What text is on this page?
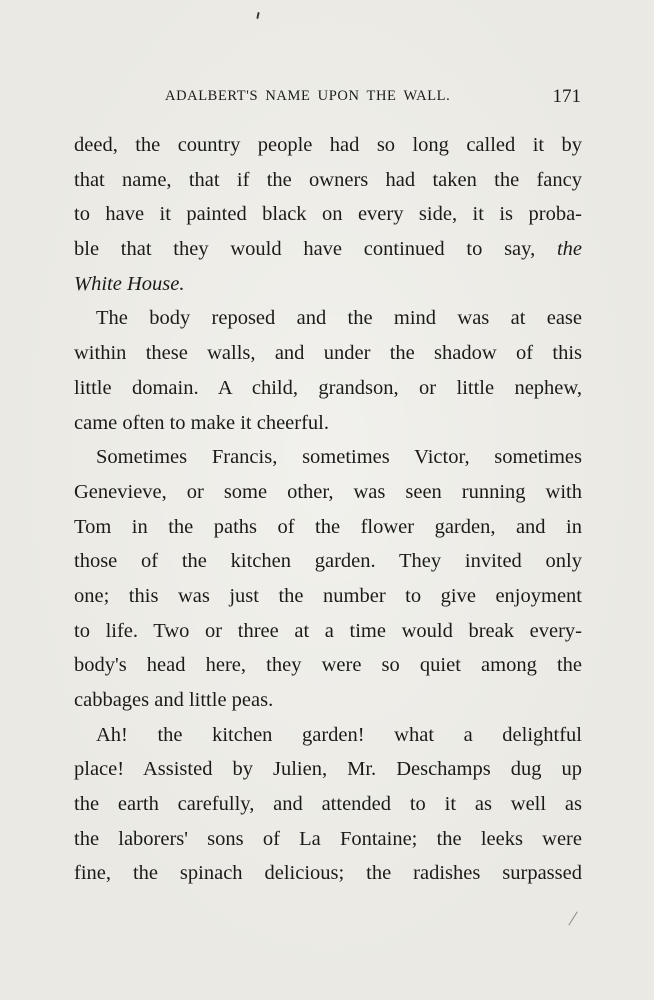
ADALBERT'S NAME UPON THE WALL.	171
deed, the country people had so long called it by
that name, that if the owners had taken the fancy
to have it painted black on every side, it is proba-
ble that they would have continued to say, the
White House.
The body reposed and the mind was at ease
within these walls, and under the shadow of this
little domain. A child, grandson, or little nephew,
came often to make it cheerful.
Sometimes Francis, sometimes Victor, sometimes
Genevieve, or some other, was seen running with
Tom in the paths of the flower garden, and in
those of the kitchen garden. They invited only
one; this was just the number to give enjoyment
to life. Two or three at a time would break every-
body's head here, they were so quiet among the
cabbages and little peas.
Ah! the kitchen garden! what a delightful
place! Assisted by Julien, Mr. Deschamps dug up
the earth carefully, and attended to it as well as
the laborers' sons of La Fontaine; the leeks were
fine, the spinach delicious; the radishes surpassed
